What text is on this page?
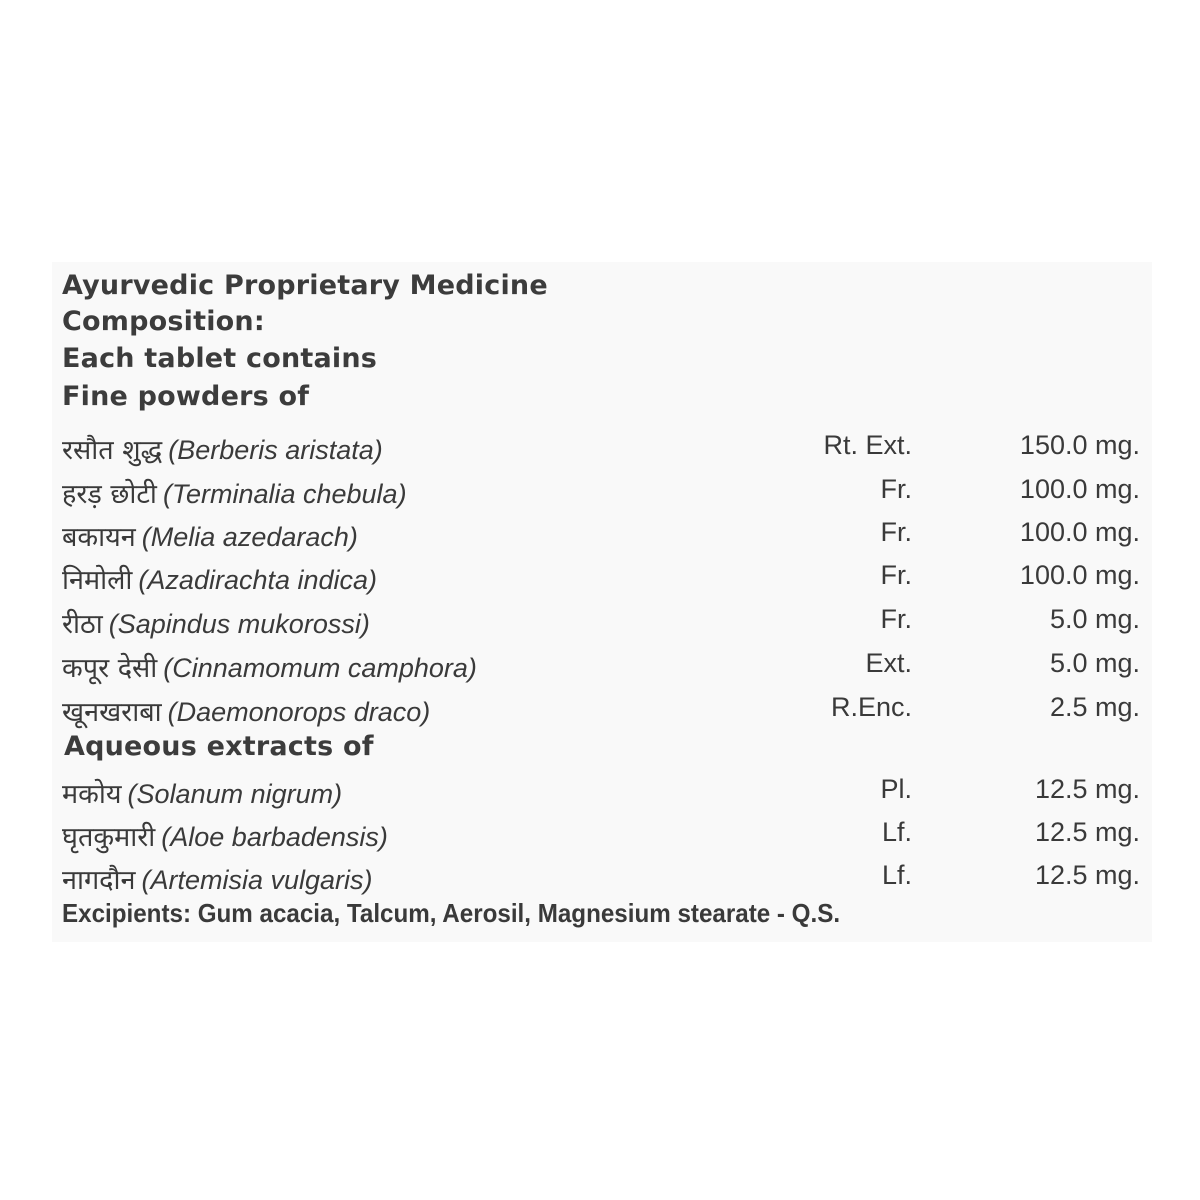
Ayurvedic Proprietary Medicine
Composition:
Each tablet contains
Fine powders of
रसौत शुद्ध (Berberis aristata)	Rt. Ext.	150.0 mg.
हरड़ छोटी (Terminalia chebula)	Fr.	100.0 mg.
बकायन (Melia azedarach)	Fr.	100.0 mg.
निमोली (Azadirachta indica)	Fr.	100.0 mg.
रीठा (Sapindus mukorossi)	Fr.	5.0 mg.
कपूर देसी (Cinnamomum camphora)	Ext.	5.0 mg.
खूनखराबा (Daemonorops draco)	R.Enc.	2.5 mg.
Aqueous extracts of
मकोय (Solanum nigrum)	Pl.	12.5 mg.
घृतकुमारी (Aloe barbadensis)	Lf.	12.5 mg.
नागदौन (Artemisia vulgaris)	Lf.	12.5 mg.
Excipients: Gum acacia, Talcum, Aerosil, Magnesium stearate - Q.S.
